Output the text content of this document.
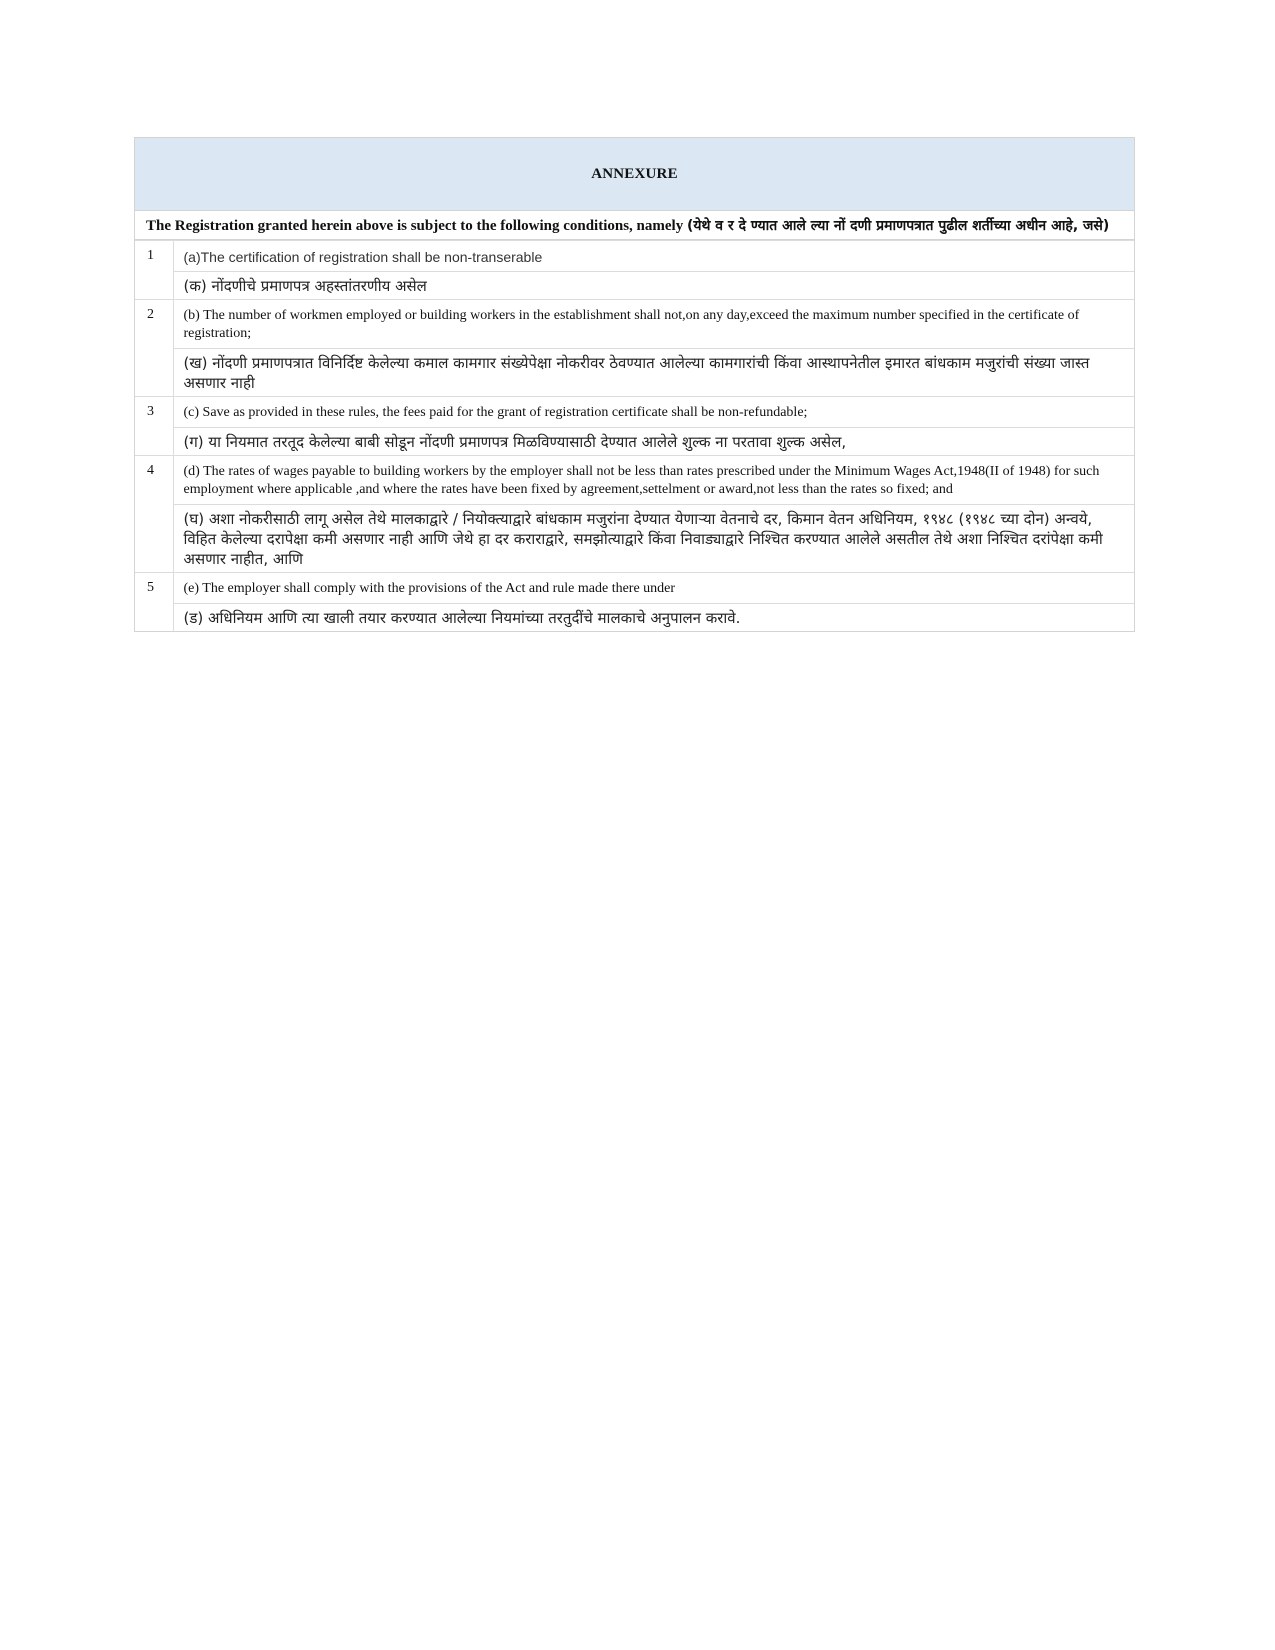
ANNEXURE
The Registration granted herein above is subject to the following conditions, namely (येथे व र दे ण्यात आले ल्या नों दणी प्रमाणपत्रात पुढील शर्तीच्या अधीन आहे, जसे)
1	(a)The certification of registration shall be non-transerable
(क) नोंदणीचे प्रमाणपत्र अहस्तांतरणीय असेल

2	(b) The number of workmen employed or building workers in the establishment shall not,on any day,exceed the maximum number specified in the certificate of registration;
(ख) नोंदणी प्रमाणपत्रात विनिर्दिष्ट केलेल्या कमाल कामगार संख्येपेक्षा नोकरीवर ठेवण्यात आलेल्या कामगारांची किंवा आस्थापनेतील इमारत बांधकाम मजुरांची संख्या जास्त असणार नाही

3	(c) Save as provided in these rules, the fees paid for the grant of registration certificate shall be non-refundable;
(ग) या नियमात तरतूद केलेल्या बाबी सोडून नोंदणी प्रमाणपत्र मिळविण्यासाठी देण्यात आलेले शुल्क ना परतावा शुल्क असेल,

4	(d) The rates of wages payable to building workers by the employer shall not be less than rates prescribed under the Minimum Wages Act,1948(II of 1948) for such employment where applicable ,and where the rates have been fixed by agreement,settelment or award,not less than the rates so fixed; and
(घ) अशा नोकरीसाठी लागू असेल तेथे मालकाद्वारे / नियोक्त्याद्वारे बांधकाम मजुरांना देण्यात येणाऱ्या वेतनाचे दर, किमान वेतन अधिनियम, १९४८ (१९४८ च्या दोन) अन्वये, विहित केलेल्या दरापेक्षा कमी असणार नाही आणि जेथे हा दर कराराद्वारे, समझोत्याद्वारे किंवा निवाड्याद्वारे निश्चित करण्यात आलेले असतील तेथे अशा निश्चित दरांपेक्षा कमी असणार नाहीत, आणि

5	(e) The employer shall comply with the provisions of the Act and rule made there under
(ड) अधिनियम आणि त्या खाली तयार करण्यात आलेल्या नियमांच्या तरतुदींचे मालकाचे अनुपालन करावे.
